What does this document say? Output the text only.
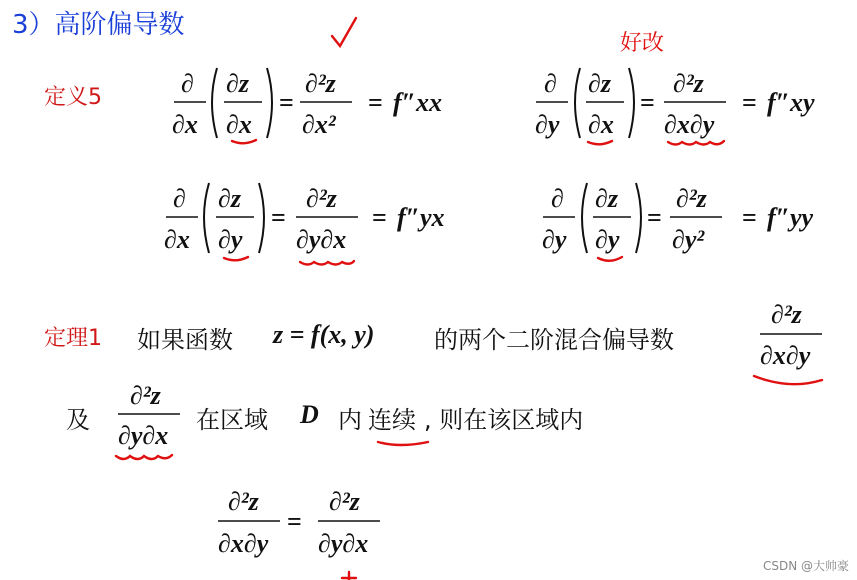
3）高阶偏导数
定义5	∂
∂x
∂z
∂x
=
∂²z
∂x²
= f″xx
∂
∂y
∂z
∂x
=
∂²z
∂x∂y
= f″xy
∂
∂x
∂z
∂y
=
∂²z
∂y∂x
= f″yx
∂
∂y
∂z
∂y
=
∂²z
∂y²
= f″yy
∂²z
∂x∂y
∂²z
∂y∂x
∂²z
∂x∂y
=
∂²z
∂y∂x
好改
定理1 如果函数 z = f(x, y) 的两个二阶混合偏导数
及	在区域 D 内 连续 , 则在该区域内
CSDN @大帅豪
